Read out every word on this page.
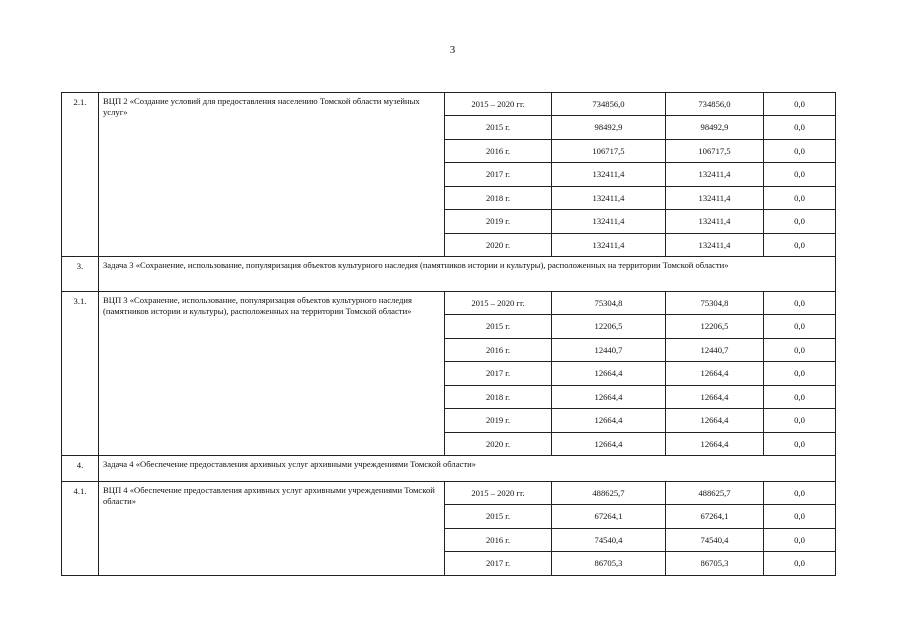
3
2.1.	ВЦП 2 «Создание условий для предоставления населению Томской области музейных услуг»	2015 – 2020 гг.	734856,0	734856,0	0,0
		2015 г.	98492,9	98492,9	0,0
		2016 г.	106717,5	106717,5	0,0
		2017 г.	132411,4	132411,4	0,0
		2018 г.	132411,4	132411,4	0,0
		2019 г.	132411,4	132411,4	0,0
		2020 г.	132411,4	132411,4	0,0
3.	Задача 3 «Сохранение, использование, популяризация объектов культурного наследия (памятников истории и культуры), расположенных на территории Томской области»				
3.1.	ВЦП 3 «Сохранение, использование, популяризация объектов культурного наследия (памятников истории и культуры), расположенных на территории Томской области»	2015 – 2020 гг.	75304,8	75304,8	0,0
		2015 г.	12206,5	12206,5	0,0
		2016 г.	12440,7	12440,7	0,0
		2017 г.	12664,4	12664,4	0,0
		2018 г.	12664,4	12664,4	0,0
		2019 г.	12664,4	12664,4	0,0
		2020 г.	12664,4	12664,4	0,0
4.	Задача 4 «Обеспечение предоставления архивных услуг архивными учреждениями Томской области»				
4.1.	ВЦП 4 «Обеспечение предоставления архивных услуг архивными учреждениями Томской области»	2015 – 2020 гг.	488625,7	488625,7	0,0
		2015 г.	67264,1	67264,1	0,0
		2016 г.	74540,4	74540,4	0,0
		2017 г.	86705,3	86705,3	0,0
